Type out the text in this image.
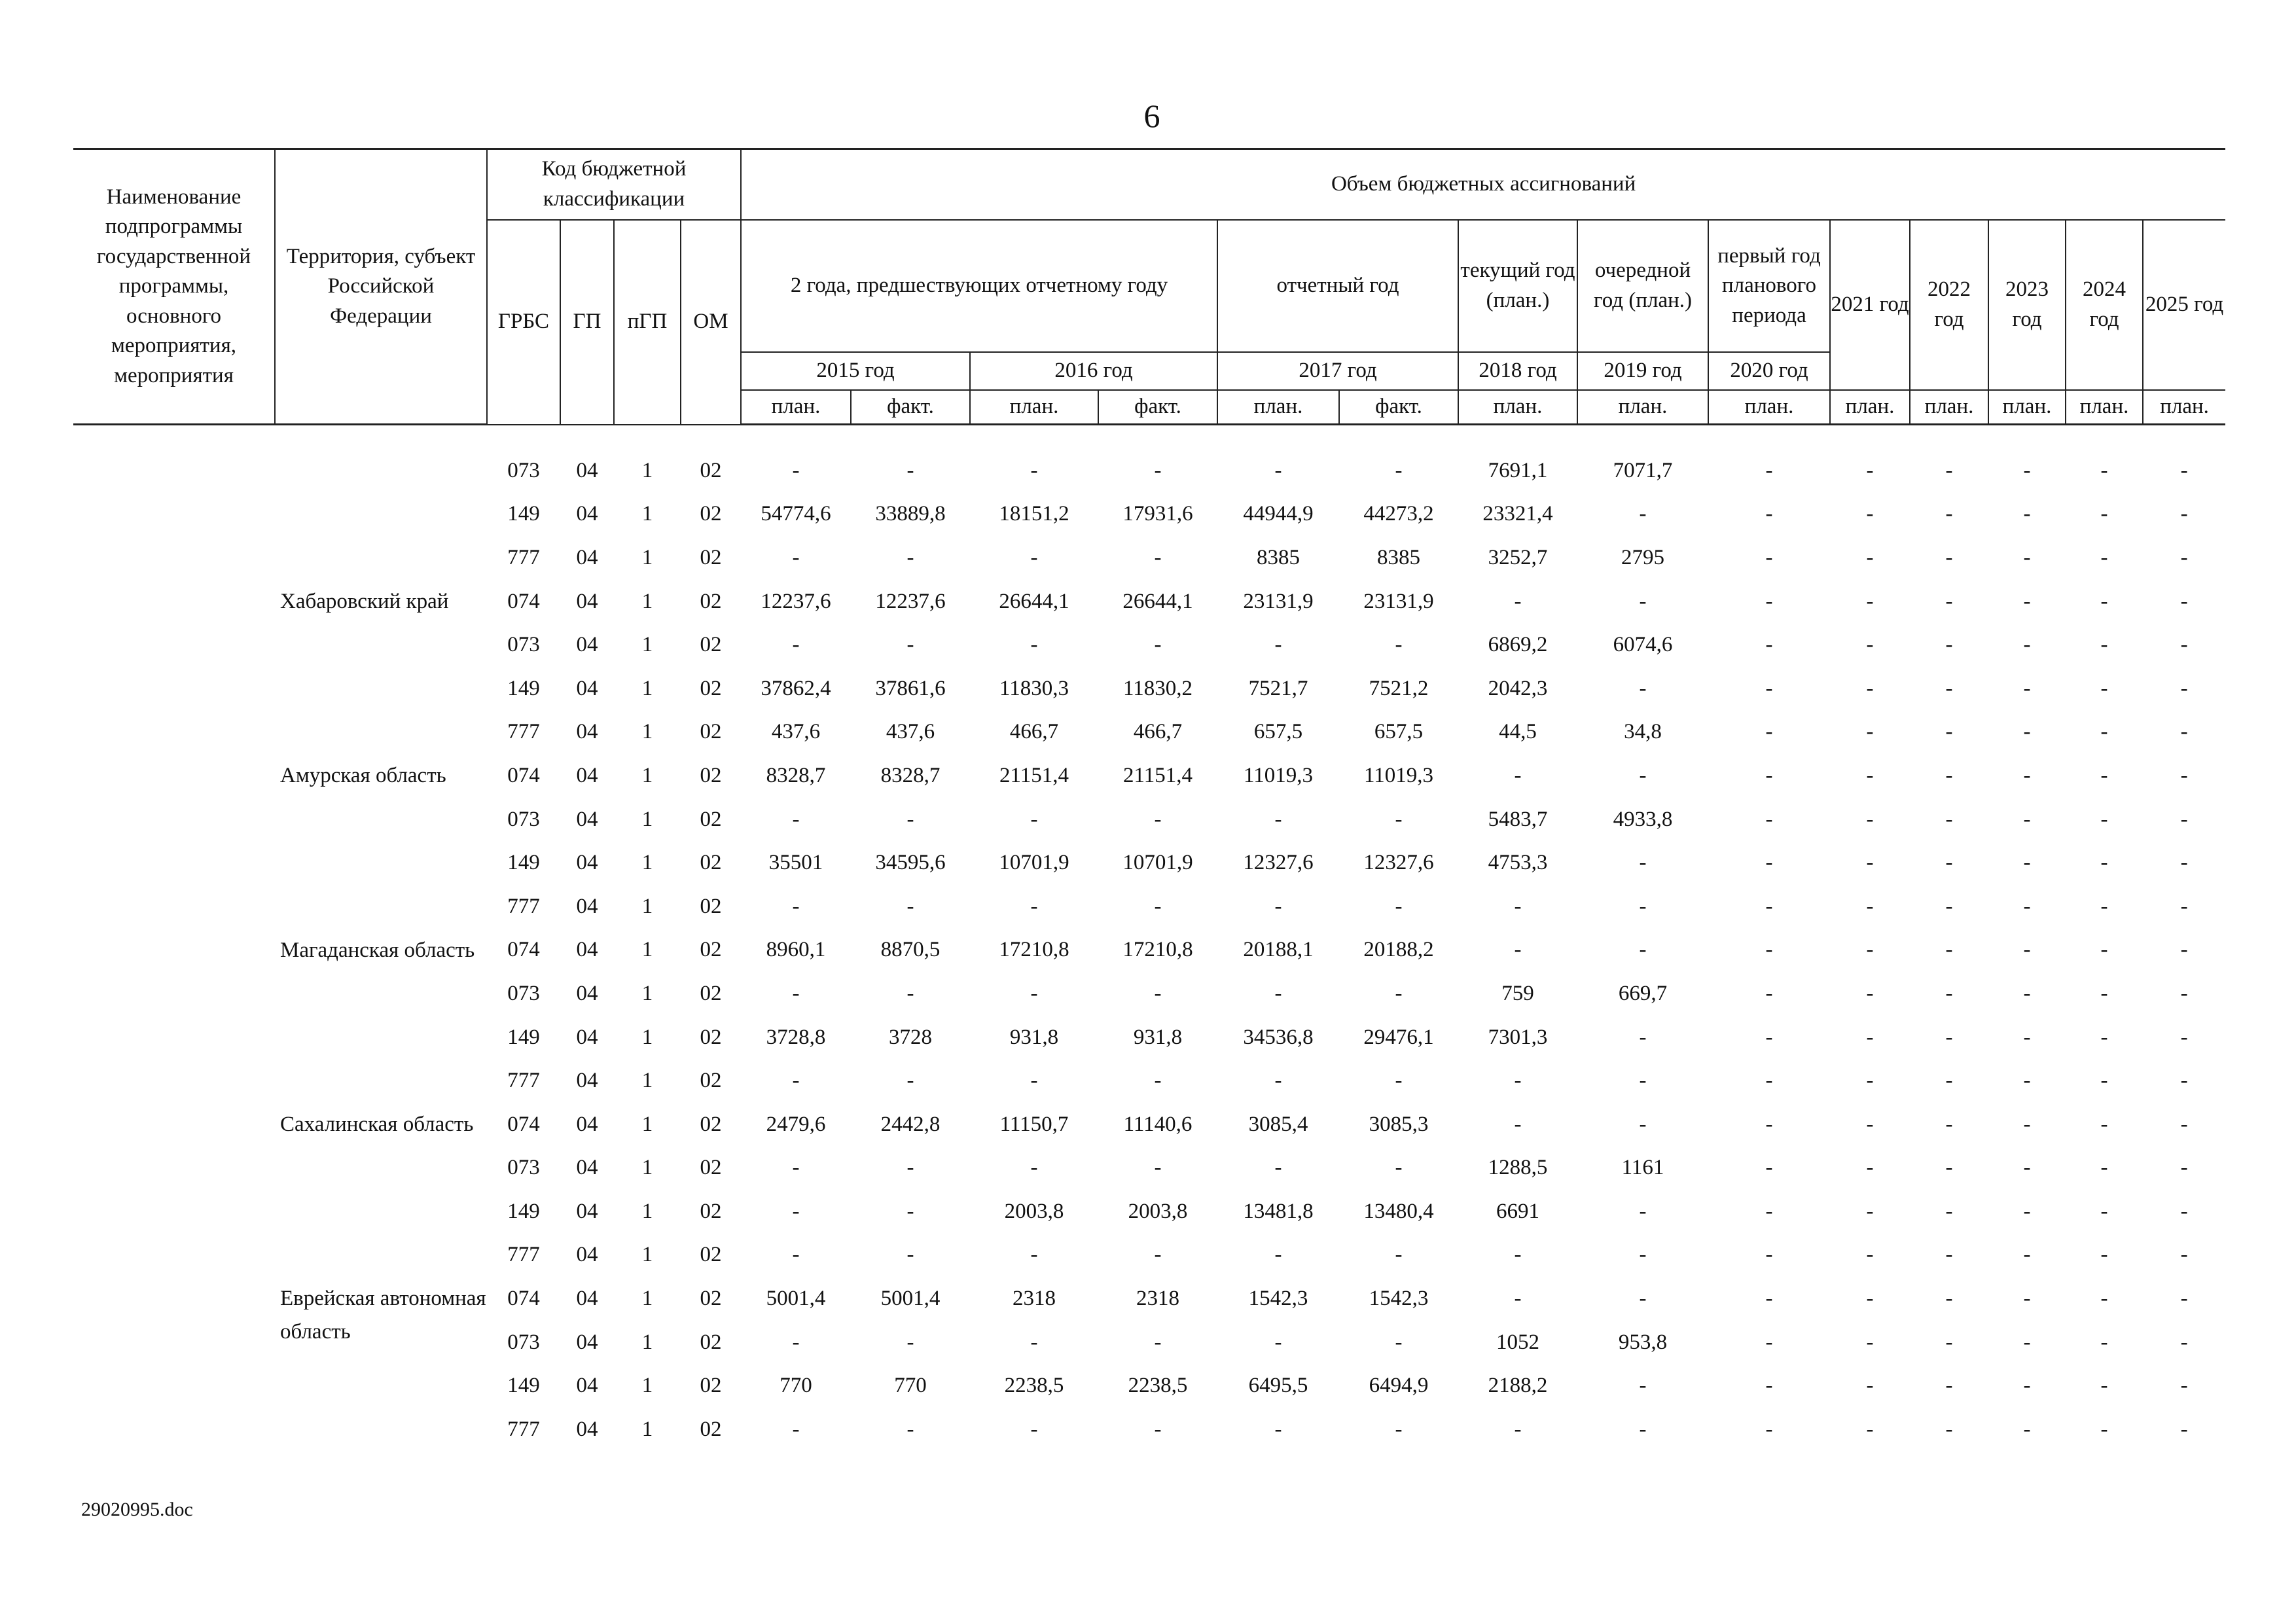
6
Наименование подпрограммы государственной программы, основного мероприятия, мероприятия	Территория, субъект Российской Федерации	Код бюджетной классификации				Объем бюджетных ассигнований													
		ГРБС	ГП	пГП	ОМ	2 года, предшествующих отчетному году				отчетный год		текущий год (план.)	очередной год (план.)	первый год планового периода	2021 год	2022 год	2023 год	2024 год	2025 год
						2015 год		2016 год		2017 год		2018 год	2019 год	2020 год					
						план.	факт.	план.	факт.	план.	факт.	план.	план.	план.	план.	план.	план.	план.	план.

		073	04	1	02	-	-	-	-	-	-	7691,1	7071,7	-	-	-	-	-	-
		149	04	1	02	54774,6	33889,8	18151,2	17931,6	44944,9	44273,2	23321,4	-	-	-	-	-	-	-
		777	04	1	02	-	-	-	-	8385	8385	3252,7	2795	-	-	-	-	-	-
	Хабаровский край	074	04	1	02	12237,6	12237,6	26644,1	26644,1	23131,9	23131,9	-	-	-	-	-	-	-	-
		073	04	1	02	-	-	-	-	-	-	6869,2	6074,6	-	-	-	-	-	-
		149	04	1	02	37862,4	37861,6	11830,3	11830,2	7521,7	7521,2	2042,3	-	-	-	-	-	-	-
		777	04	1	02	437,6	437,6	466,7	466,7	657,5	657,5	44,5	34,8	-	-	-	-	-	-
	Амурская область	074	04	1	02	8328,7	8328,7	21151,4	21151,4	11019,3	11019,3	-	-	-	-	-	-	-	-
		073	04	1	02	-	-	-	-	-	-	5483,7	4933,8	-	-	-	-	-	-
		149	04	1	02	35501	34595,6	10701,9	10701,9	12327,6	12327,6	4753,3	-	-	-	-	-	-	-
		777	04	1	02	-	-	-	-	-	-	-	-	-	-	-	-	-	-
	Магаданская область	074	04	1	02	8960,1	8870,5	17210,8	17210,8	20188,1	20188,2	-	-	-	-	-	-	-	-
		073	04	1	02	-	-	-	-	-	-	759	669,7	-	-	-	-	-	-
		149	04	1	02	3728,8	3728	931,8	931,8	34536,8	29476,1	7301,3	-	-	-	-	-	-	-
		777	04	1	02	-	-	-	-	-	-	-	-	-	-	-	-	-	-
	Сахалинская область	074	04	1	02	2479,6	2442,8	11150,7	11140,6	3085,4	3085,3	-	-	-	-	-	-	-	-
		073	04	1	02	-	-	-	-	-	-	1288,5	1161	-	-	-	-	-	-
		149	04	1	02	-	-	2003,8	2003,8	13481,8	13480,4	6691	-	-	-	-	-	-	-
		777	04	1	02	-	-	-	-	-	-	-	-	-	-	-	-	-	-
	Еврейская автономная область	074	04	1	02	5001,4	5001,4	2318	2318	1542,3	1542,3	-	-	-	-	-	-	-	-
		073	04	1	02	-	-	-	-	-	-	1052	953,8	-	-	-	-	-	-
		149	04	1	02	770	770	2238,5	2238,5	6495,5	6494,9	2188,2	-	-	-	-	-	-	-
		777	04	1	02	-	-	-	-	-	-	-	-	-	-	-	-	-	-
29020995.doc
